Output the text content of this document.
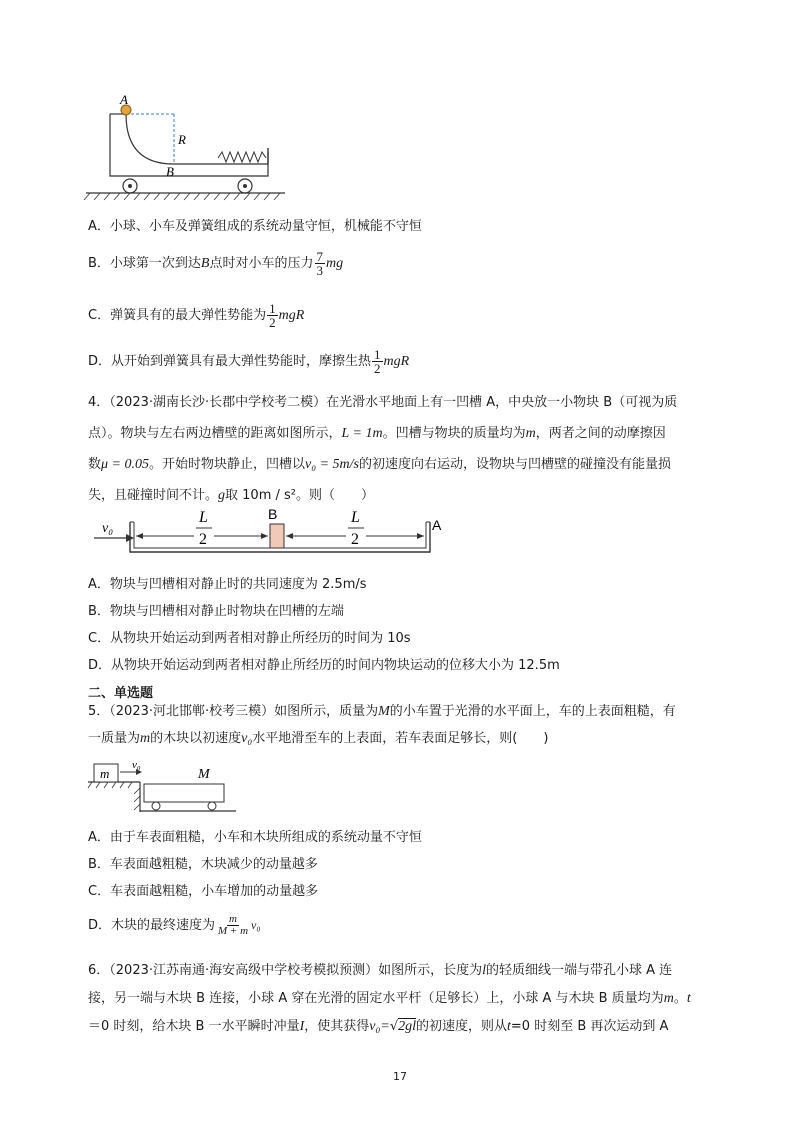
A
R
B
A．小球、小车及弹簧组成的系统动量守恒，机械能不守恒
B．小球第一次到达B点时对小车的压力 $\frac{7}{3}$ mg
C．弹簧具有的最大弹性势能为 $\frac{1}{2}$ mgR
D．从开始到弹簧具有最大弹性势能时，摩擦生热 $\frac{1}{2}$ mgR
4．（2023·湖南长沙·长郡中学校考二模）在光滑水平地面上有一凹槽 A，中央放一小物块 B（可视为质
点）。物块与左右两边槽壁的距离如图所示，L = 1m。凹槽与物块的质量均为m，两者之间的动摩擦因
数μ = 0.05。开始时物块静止，凹槽以v₀ = 5m/s的初速度向右运动，设物块与凹槽壁的碰撞没有能量损
失，且碰撞时间不计。g取 10m / s²。则（　　）
v₀
B
A
L
2
L
2
A．物块与凹槽相对静止时的共同速度为 2.5m/s
B．物块与凹槽相对静止时物块在凹槽的左端
C．从物块开始运动到两者相对静止所经历的时间为 10s
D．从物块开始运动到两者相对静止所经历的时间内物块运动的位移大小为 12.5m
二、单选题
5．（2023·河北邯郸·校考三模）如图所示，质量为M的小车置于光滑的水平面上，车的上表面粗糙，有
一质量为m的木块以初速度v₀水平地滑至车的上表面，若车表面足够长，则(　　)
m
v₀
M
A．由于车表面粗糙，小车和木块所组成的系统动量不守恒
B．车表面越粗糙，木块减少的动量越多
C．车表面越粗糙，小车增加的动量越多
D．木块的最终速度为 $\frac{m}{M + m} v_0$
6．（2023·江苏南通·海安高级中学校考模拟预测）如图所示，长度为l的轻质细线一端与带孔小球 A 连
接，另一端与木块 B 连接，小球 A 穿在光滑的固定水平杆（足够长）上，小球 A 与木块 B 质量均为m。t
＝0 时刻，给木块 B 一水平瞬时冲量I，使其获得v₀=√2gl的初速度，则从t=0 时刻至 B 再次运动到 A
17
